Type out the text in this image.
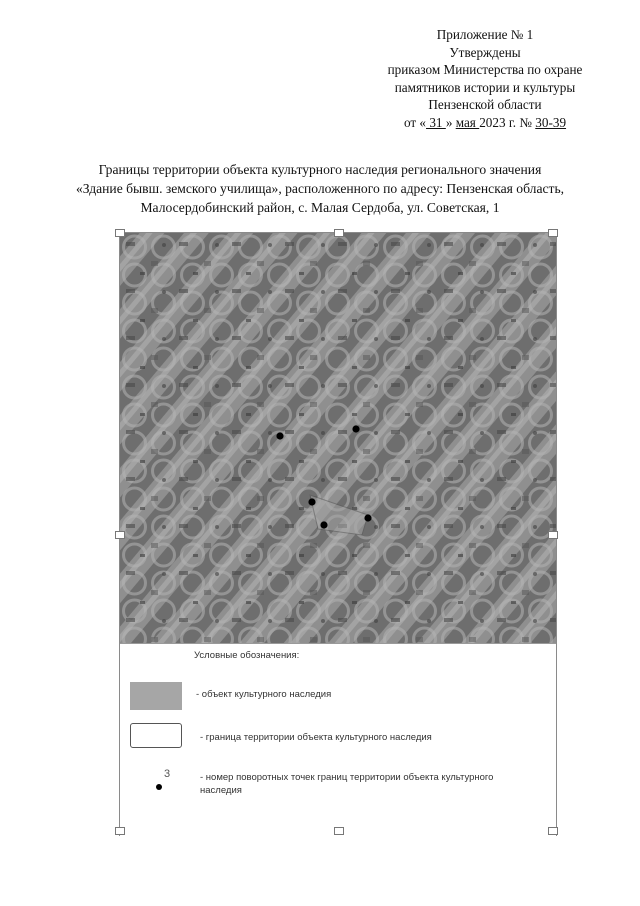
Приложение № 1
Утверждены
приказом Министерства по охране
памятников истории и культуры
Пензенской области
от « 31 » мая 2023 г. № 30-39
Границы территории объекта культурного наследия регионального значения
«Здание бывш. земского училища», расположенного по адресу: Пензенская область,
Малосердобинский район, с. Малая Сердоба, ул. Советская, 1
Условные обозначения:
- объект культурного наследия
- граница территории объекта культурного наследия
3	- номер поворотных точек границ территории объекта культурного наследия
